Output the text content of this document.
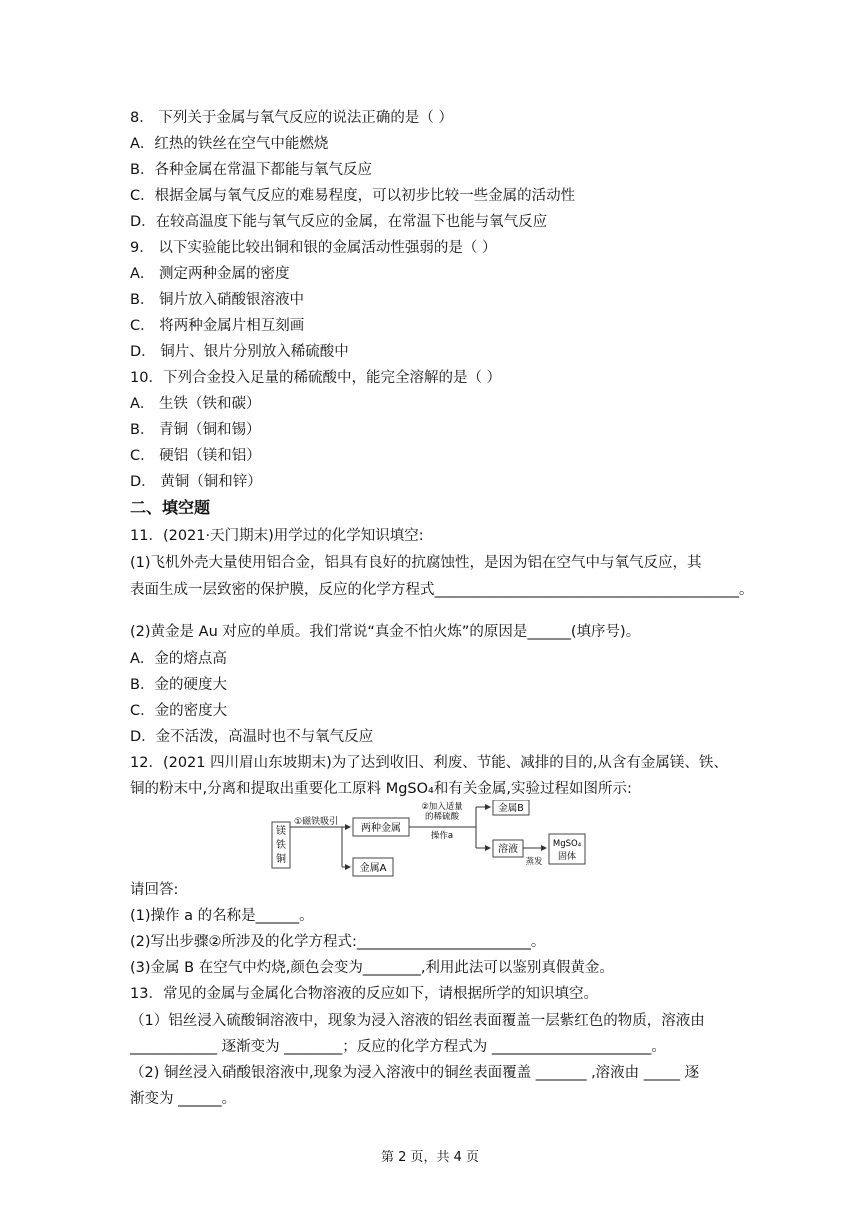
8． 下列关于金属与氧气反应的说法正确的是（ ）
A．红热的铁丝在空气中能燃烧
B．各种金属在常温下都能与氧气反应
C．根据金属与氧气反应的难易程度，可以初步比较一些金属的活动性
D．在较高温度下能与氧气反应的金属，在常温下也能与氧气反应
9． 以下实验能比较出铜和银的金属活动性强弱的是（ ）
A． 测定两种金属的密度
B． 铜片放入硝酸银溶液中
C． 将两种金属片相互刻画
D． 铜片、银片分别放入稀硫酸中
10．下列合金投入足量的稀硫酸中，能完全溶解的是（ ）
A． 生铁（铁和碳）
B． 青铜（铜和锡）
C． 硬铝（镁和铝）
D． 黄铜（铜和锌）
二、填空题
11．(2021·天门期末)用学过的化学知识填空:
(1)飞机外壳大量使用铝合金，铝具有良好的抗腐蚀性，是因为铝在空气中与氧气反应，其
表面生成一层致密的保护膜，反应的化学方程式__________________________________________。
(2)黄金是 Au 对应的单质。我们常说“真金不怕火炼”的原因是______(填序号)。
A．金的熔点高
B．金的硬度大
C．金的密度大
D．金不活泼，高温时也不与氧气反应
12．(2021 四川眉山东坡期末)为了达到收旧、利废、节能、减排的目的,从含有金属镁、铁、
铜的粉末中,分离和提取出重要化工原料 MgSO₄和有关金属,实验过程如图所示:
镁
铁
铜
①磁铁吸引
两种金属
金属A
②加入适量
的稀硫酸
操作a
金属B
溶液
蒸发
MgSO₄
固体
请回答:
(1)操作 a 的名称是______。
(2)写出步骤②所涉及的化学方程式:________________________。
(3)金属 B 在空气中灼烧,颜色会变为________,利用此法可以鉴别真假黄金。
13．常见的金属与金属化合物溶液的反应如下，请根据所学的知识填空。
（1）铝丝浸入硫酸铜溶液中，现象为浸入溶液的铝丝表面覆盖一层紫红色的物质，溶液由
____________ 逐渐变为 ________；反应的化学方程式为 ______________________。
（2) 铜丝浸入硝酸银溶液中,现象为浸入溶液中的铜丝表面覆盖 _______ ,溶液由 _____ 逐
渐变为 ______。
第 2 页，共 4 页
